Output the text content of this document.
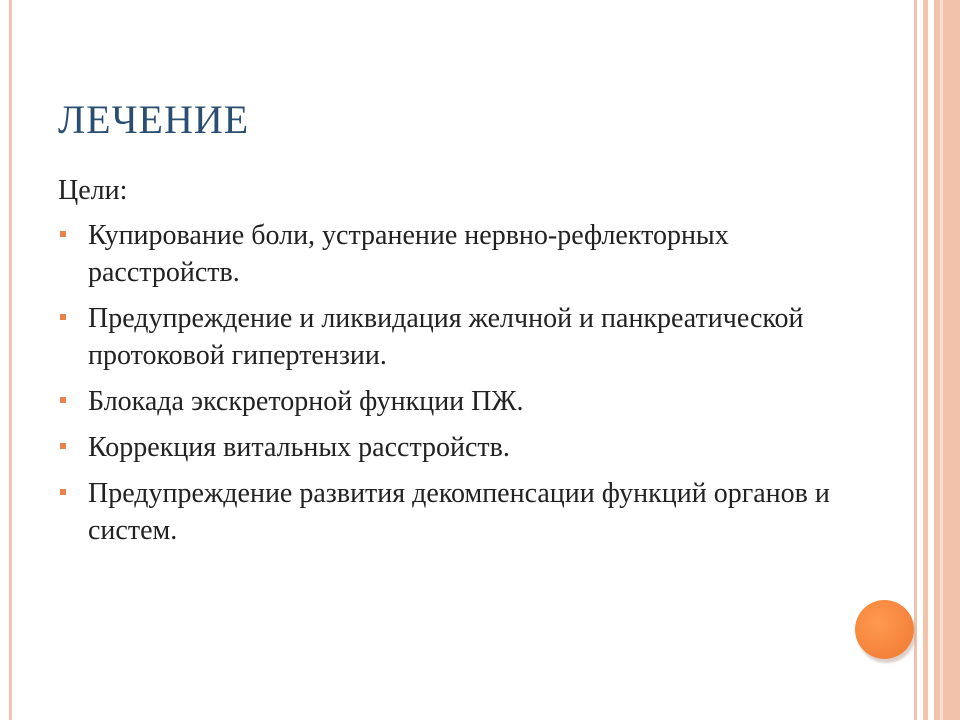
ЛЕЧЕНИЕ

Цели:

Купирование боли, устранение нервно-рефлекторных расстройств.
Предупреждение и ликвидация желчной и панкреатической протоковой гипертензии.
Блокада экскреторной функции ПЖ.
Коррекция витальных расстройств.
Предупреждение развития декомпенсации функций органов и систем.
